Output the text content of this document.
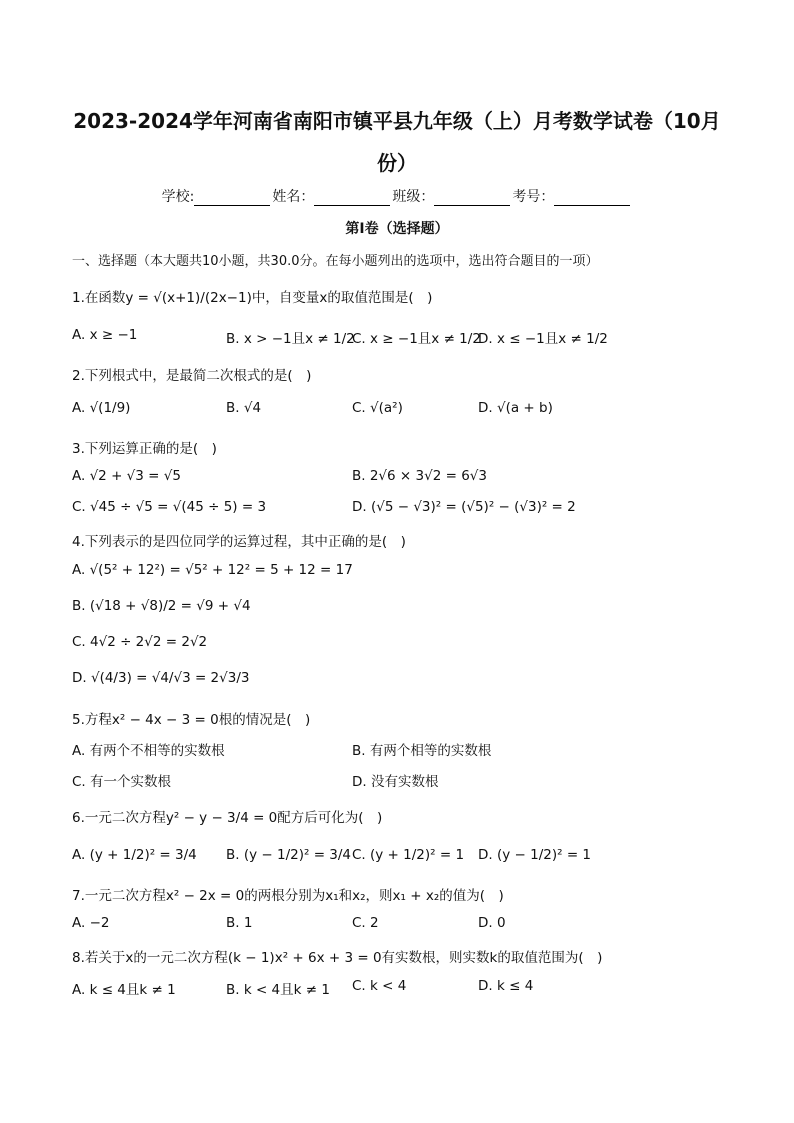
2023-2024学年河南省南阳市镇平县九年级（上）月考数学试卷（10月
份）
学校:	姓名：	班级：	考号：
第I卷（选择题）
一、选择题（本大题共10小题，共30.0分。在每小题列出的选项中，选出符合题目的一项）
1.在函数y = √(x+1)/(2x−1)中，自变量x的取值范围是(　)
A. x ≥ −1	B. x > −1且x ≠ 1/2
C. x ≥ −1且x ≠ 1/2
D. x ≤ −1且x ≠ 1/2
2.下列根式中，是最简二次根式的是(　)
A. √(1/9)	B. √4	C. √(a²)	D. √(a + b)
3.下列运算正确的是(　)
A. √2 + √3 = √5	B. 2√6 × 3√2 = 6√3
C. √45 ÷ √5 = √(45 ÷ 5) = 3	D. (√5 − √3)² = (√5)² − (√3)² = 2
4.下列表示的是四位同学的运算过程，其中正确的是(　)
A. √(5² + 12²) = √5² + 12² = 5 + 12 = 17
B. (√18 + √8)/2 = √9 + √4
C. 4√2 ÷ 2√2 = 2√2
D. √(4/3) = √4/√3 = 2√3/3
5.方程x² − 4x − 3 = 0根的情况是(　)
A. 有两个不相等的实数根	B. 有两个相等的实数根
C. 有一个实数根	D. 没有实数根
6.一元二次方程y² − y − 3/4 = 0配方后可化为(　)
A. (y + 1/2)² = 3/4 B. (y − 1/2)² = 3/4 C. (y + 1/2)² = 1 D. (y − 1/2)² = 1
7.一元二次方程x² − 2x = 0的两根分别为x₁和x₂，则x₁ + x₂的值为(　)
A. −2	B. 1	C. 2	D. 0
8.若关于x的一元二次方程(k − 1)x² + 6x + 3 = 0有实数根，则实数k的取值范围为(　)
A. k ≤ 4且k ≠ 1	B. k < 4且k ≠ 1 C. k < 4	D. k ≤ 4
